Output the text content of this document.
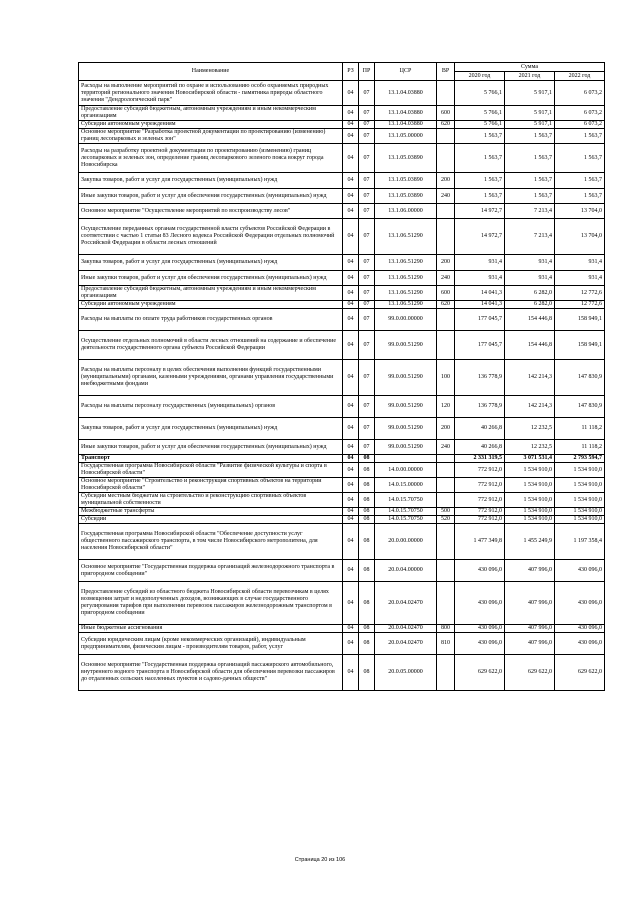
Наименование	РЗ	ПР	ЦСР	ВР	Сумма		
					2020 год	2021 год	2022 год
Расходы на выполнение мероприятий по охране и использованию особо охраняемых природных территорий регионального значения Новосибирской области - памятника природы областного значения "Дендрологический парк"	04	07	13.1.04.03880		5 766,1	5 917,1	6 073,2
Предоставление субсидий бюджетным, автономным учреждениям и иным некоммерческим организациям	04	07	13.1.04.03880	600	5 766,1	5 917,1	6 073,2
Субсидии автономным учреждениям	04	07	13.1.04.03880	620	5 766,1	5 917,1	6 073,2
Основное мероприятие "Разработка проектной документации по проектированию (изменению) границ лесопарковых и зеленых зон"	04	07	13.1.05.00000		1 563,7	1 563,7	1 563,7
Расходы на разработку проектной документации по проектированию (изменению) границ лесопарковых и зеленых зон, определение границ лесопаркового зеленого пояса вокруг города Новосибирска	04	07	13.1.05.03890		1 563,7	1 563,7	1 563,7
Закупка товаров, работ и услуг для государственных (муниципальных) нужд	04	07	13.1.05.03890	200	1 563,7	1 563,7	1 563,7
Иные закупки товаров, работ и услуг для обеспечения государственных (муниципальных) нужд	04	07	13.1.05.03890	240	1 563,7	1 563,7	1 563,7
Основное мероприятие "Осуществление мероприятий по воспроизводству лесов"	04	07	13.1.06.00000		14 972,7	7 213,4	13 704,0
Осуществление переданных органам государственной власти субъектов Российской Федерации в соответствии с частью 1 статьи 83 Лесного кодекса Российской Федерации отдельных полномочий Российской Федерации в области лесных отношений	04	07	13.1.06.51290		14 972,7	7 213,4	13 704,0
Закупка товаров, работ и услуг для государственных (муниципальных) нужд	04	07	13.1.06.51290	200	931,4	931,4	931,4
Иные закупки товаров, работ и услуг для обеспечения государственных (муниципальных) нужд	04	07	13.1.06.51290	240	931,4	931,4	931,4
Предоставление субсидий бюджетным, автономным учреждениям и иным некоммерческим организациям	04	07	13.1.06.51290	600	14 041,3	6 282,0	12 772,6
Субсидии автономным учреждениям	04	07	13.1.06.51290	620	14 041,3	6 282,0	12 772,6
Расходы на выплаты по оплате труда работников государственных органов	04	07	99.0.00.00000		177 045,7	154 446,8	158 949,1
Осуществление отдельных полномочий в области лесных отношений на содержание и обеспечение деятельности государственного органа субъекта Российской Федерации	04	07	99.0.00.51290		177 045,7	154 446,8	158 949,1
Расходы на выплаты персоналу в целях обеспечения выполнения функций государственными (муниципальными) органами, казенными учреждениями, органами управления государственными внебюджетными фондами	04	07	99.0.00.51290	100	136 778,9	142 214,3	147 830,9
Расходы на выплаты персоналу государственных (муниципальных) органов	04	07	99.0.00.51290	120	136 778,9	142 214,3	147 830,9
Закупка товаров, работ и услуг для государственных (муниципальных) нужд	04	07	99.0.00.51290	200	40 266,8	12 232,5	11 118,2
Иные закупки товаров, работ и услуг для обеспечения государственных (муниципальных) нужд	04	07	99.0.00.51290	240	40 266,8	12 232,5	11 118,2
Транспорт	04	08			2 331 319,5	3 071 531,4	2 793 594,7
Государственная программа Новосибирской области "Развитие физической культуры и спорта в Новосибирской области"	04	08	14.0.00.00000		772 912,0	1 534 910,0	1 534 910,0
Основное мероприятие "Строительство и реконструкция спортивных объектов на территории Новосибирской области"	04	08	14.0.15.00000		772 912,0	1 534 910,0	1 534 910,0
Субсидии местным бюджетам на строительство и реконструкцию спортивных объектов муниципальной собственности	04	08	14.0.15.70750		772 912,0	1 534 910,0	1 534 910,0
Межбюджетные трансферты	04	08	14.0.15.70750	500	772 912,0	1 534 910,0	1 534 910,0
Субсидии	04	08	14.0.15.70750	520	772 912,0	1 534 910,0	1 534 910,0
Государственная программа Новосибирской области "Обеспечение доступности услуг общественного пассажирского транспорта, в том числе Новосибирского метрополитена, для населения Новосибирской области"	04	08	20.0.00.00000		1 477 349,8	1 455 249,9	1 197 358,4
Основное мероприятие "Государственная поддержка организаций железнодорожного транспорта в пригородном сообщении"	04	08	20.0.04.00000		430 096,0	407 996,0	430 096,0
Предоставление субсидий из областного бюджета Новосибирской области перевозчикам в целях возмещения затрат и недополученных доходов, возникающих в случае государственного регулирования тарифов при выполнении перевозок пассажиров железнодорожным транспортом в пригородном сообщении	04	08	20.0.04.02470		430 096,0	407 996,0	430 096,0
Иные бюджетные ассигнования	04	08	20.0.04.02470	800	430 096,0	407 996,0	430 096,0
Субсидии юридическим лицам (кроме некоммерческих организаций), индивидуальным предпринимателям, физическим лицам - производителям товаров, работ, услуг	04	08	20.0.04.02470	810	430 096,0	407 996,0	430 096,0
Основное мероприятие "Государственная поддержка организаций пассажирского автомобильного, внутреннего водного транспорта в Новосибирской области для обеспечения перевозки пассажиров до отдаленных сельских населенных пунктов и садово-дачных обществ"	04	08	20.0.05.00000		629 622,0	629 622,0	629 622,0
Страница 20 из 106
